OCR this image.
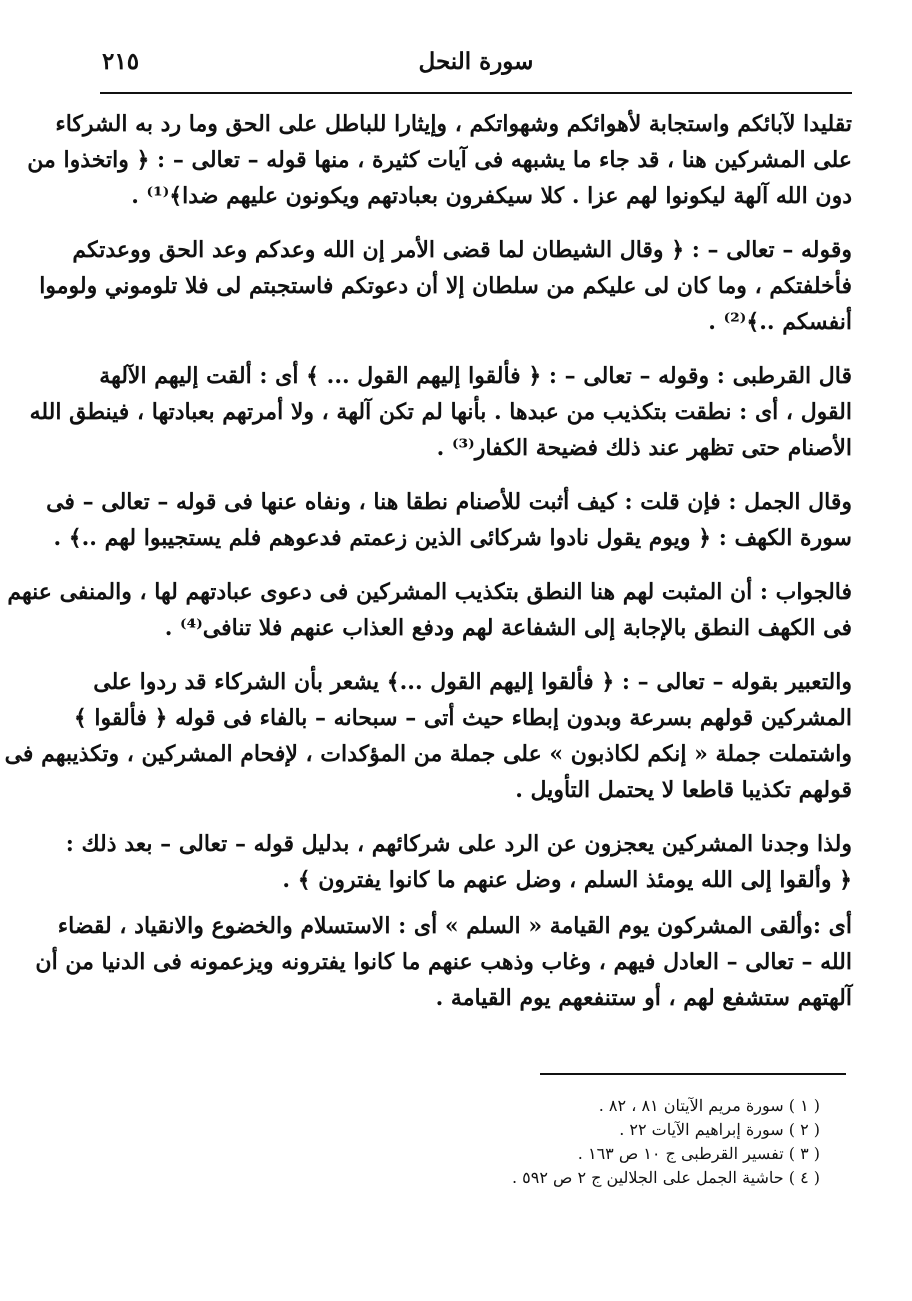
سورة النحل
٢١٥
تقليدا لآبائكم واستجابة لأهوائكم وشهواتكم ، وإيثارا للباطل على الحق وما رد به الشركاء
على المشركين هنا ، قد جاء ما يشبهه فى آيات كثيرة ، منها قوله – تعالى – : ﴿ واتخذوا من
دون الله آلهة ليكونوا لهم عزا . كلا سيكفرون بعبادتهم ويكونون عليهم ضدا﴾⁽¹⁾ .
وقوله – تعالى – : ﴿ وقال الشيطان لما قضى الأمر إن الله وعدكم وعد الحق ووعدتكم
فأخلفتكم ، وما كان لى عليكم من سلطان إلا أن دعوتكم فاستجبتم لى فلا تلوموني ولوموا
أنفسكم ..﴾⁽²⁾ .
قال القرطبى : وقوله – تعالى – : ﴿ فألقوا إليهم القول ... ﴾ أى : ألقت إليهم الآلهة
القول ، أى : نطقت بتكذيب من عبدها . بأنها لم تكن آلهة ، ولا أمرتهم بعبادتها ، فينطق الله
الأصنام حتى تظهر عند ذلك فضيحة الكفار⁽³⁾ .
وقال الجمل : فإن قلت : كيف أثبت للأصنام نطقا هنا ، ونفاه عنها فى قوله – تعالى – فى
سورة الكهف : ﴿ ويوم يقول نادوا شركائى الذين زعمتم فدعوهم فلم يستجيبوا لهم ..﴾ .
فالجواب : أن المثبت لهم هنا النطق بتكذيب المشركين فى دعوى عبادتهم لها ، والمنفى عنهم
فى الكهف النطق بالإجابة إلى الشفاعة لهم ودفع العذاب عنهم فلا تنافى⁽⁴⁾ .
والتعبير بقوله – تعالى – : ﴿ فألقوا إليهم القول ...﴾ يشعر بأن الشركاء قد ردوا على
المشركين قولهم بسرعة وبدون إبطاء حيث أتى – سبحانه – بالفاء فى قوله ﴿ فألقوا ﴾
واشتملت جملة « إنكم لكاذبون » على جملة من المؤكدات ، لإفحام المشركين ، وتكذيبهم فى
قولهم تكذيبا قاطعا لا يحتمل التأويل .
ولذا وجدنا المشركين يعجزون عن الرد على شركائهم ، بدليل قوله – تعالى – بعد ذلك :
﴿ وألقوا إلى الله يومئذ السلم ، وضل عنهم ما كانوا يفترون ﴾ .
أى :وألقى المشركون يوم القيامة « السلم » أى : الاستسلام والخضوع والانقياد ، لقضاء
الله – تعالى – العادل فيهم ، وغاب وذهب عنهم ما كانوا يفترونه ويزعمونه فى الدنيا من أن
آلهتهم ستشفع لهم ، أو ستنفعهم يوم القيامة .
( ١ ) سورة مريم الآيتان ٨١ ، ٨٢ .
( ٢ ) سورة إبراهيم الآيات ٢٢ .
( ٣ ) تفسير القرطبى ج ١٠ ص ١٦٣ .
( ٤ ) حاشية الجمل على الجلالين ج ٢ ص ٥٩٢ .
